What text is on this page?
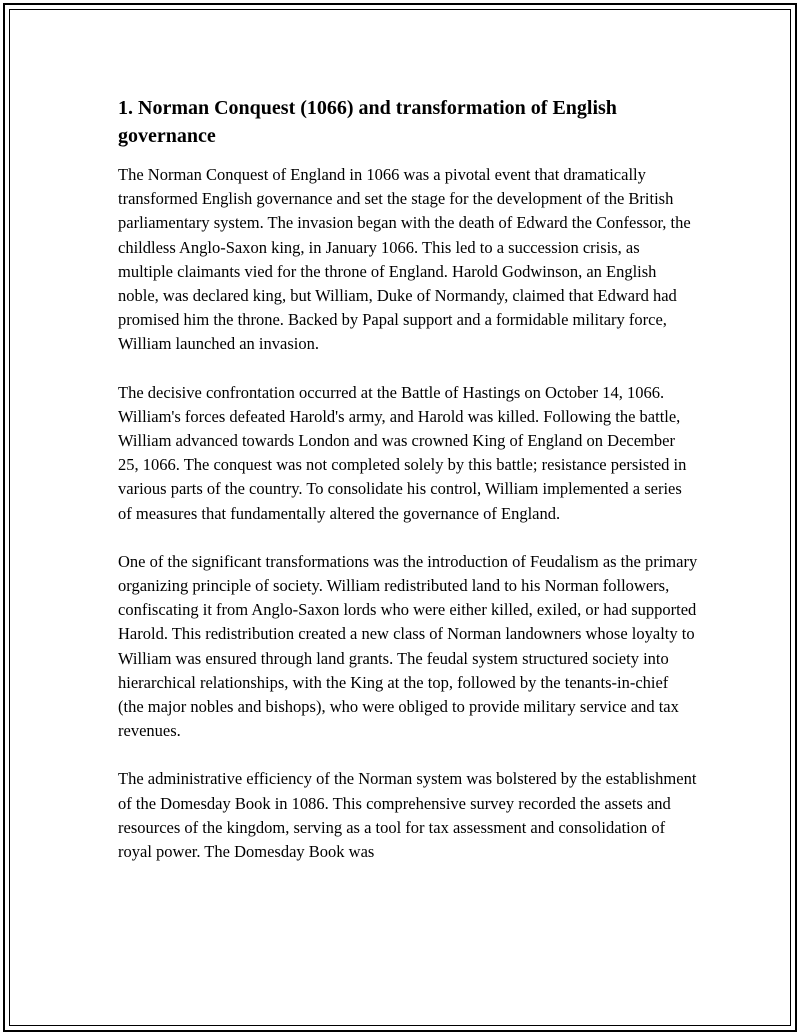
1. Norman Conquest (1066) and transformation of English governance

The Norman Conquest of England in 1066 was a pivotal event that dramatically transformed English governance and set the stage for the development of the British parliamentary system. The invasion began with the death of Edward the Confessor, the childless Anglo-Saxon king, in January 1066. This led to a succession crisis, as multiple claimants vied for the throne of England. Harold Godwinson, an English noble, was declared king, but William, Duke of Normandy, claimed that Edward had promised him the throne. Backed by Papal support and a formidable military force, William launched an invasion.

The decisive confrontation occurred at the Battle of Hastings on October 14, 1066. William's forces defeated Harold's army, and Harold was killed. Following the battle, William advanced towards London and was crowned King of England on December 25, 1066. The conquest was not completed solely by this battle; resistance persisted in various parts of the country. To consolidate his control, William implemented a series of measures that fundamentally altered the governance of England.

One of the significant transformations was the introduction of Feudalism as the primary organizing principle of society. William redistributed land to his Norman followers, confiscating it from Anglo-Saxon lords who were either killed, exiled, or had supported Harold. This redistribution created a new class of Norman landowners whose loyalty to William was ensured through land grants. The feudal system structured society into hierarchical relationships, with the King at the top, followed by the tenants-in-chief (the major nobles and bishops), who were obliged to provide military service and tax revenues.

The administrative efficiency of the Norman system was bolstered by the establishment of the Domesday Book in 1086. This comprehensive survey recorded the assets and resources of the kingdom, serving as a tool for tax assessment and consolidation of royal power. The Domesday Book was
